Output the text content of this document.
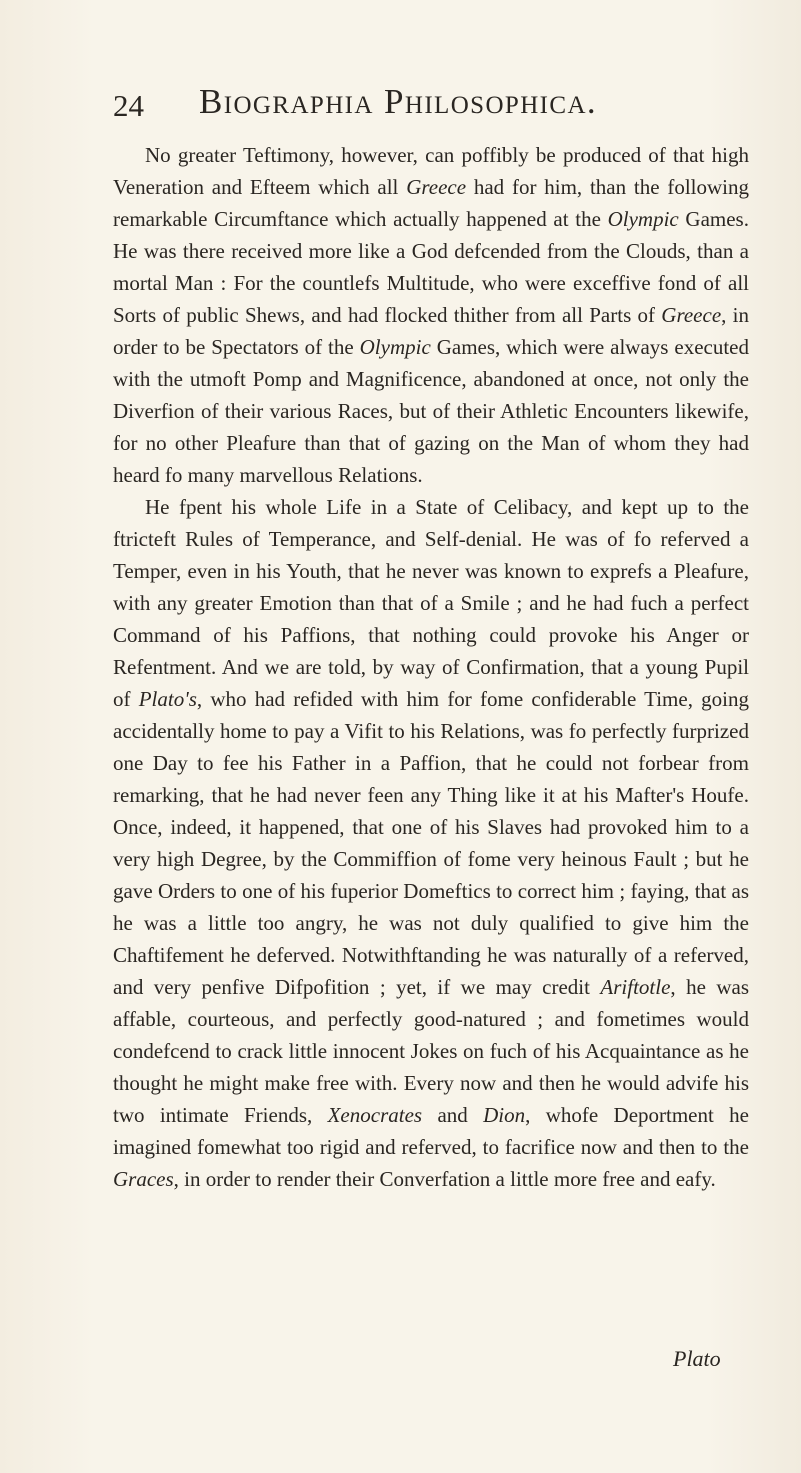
24 Biographia Philosophica.

No greater Teftimony, however, can poffibly be produced of that high Veneration and Efteem which all Greece had for him, than the following remarkable Circumftance which actually happened at the Olympic Games. He was there received more like a God defcended from the Clouds, than a mortal Man : For the countlefs Multitude, who were exceffive fond of all Sorts of public Shews, and had flocked thither from all Parts of Greece, in order to be Spectators of the Olympic Games, which were always executed with the utmoft Pomp and Magnificence, abandoned at once, not only the Diverfion of their various Races, but of their Athletic Encounters likewife, for no other Pleafure than that of gazing on the Man of whom they had heard fo many marvellous Relations.

He fpent his whole Life in a State of Celibacy, and kept up to the ftricteft Rules of Temperance, and Self-denial. He was of fo referved a Temper, even in his Youth, that he never was known to exprefs a Pleafure, with any greater Emotion than that of a Smile ; and he had fuch a perfect Command of his Paffions, that nothing could provoke his Anger or Refentment. And we are told, by way of Confirmation, that a young Pupil of Plato's, who had refided with him for fome confiderable Time, going accidentally home to pay a Vifit to his Relations, was fo perfectly furprized one Day to fee his Father in a Paffion, that he could not forbear from remarking, that he had never feen any Thing like it at his Mafter's Houfe. Once, indeed, it happened, that one of his Slaves had provoked him to a very high Degree, by the Commiffion of fome very heinous Fault ; but he gave Orders to one of his fuperior Domeftics to correct him ; faying, that as he was a little too angry, he was not duly qualified to give him the Chaftifement he deferved. Notwithftanding he was naturally of a referved, and very penfive Difpofition ; yet, if we may credit Ariftotle, he was affable, courteous, and perfectly good-natured ; and fometimes would condefcend to crack little innocent Jokes on fuch of his Acquaintance as he thought he might make free with. Every now and then he would advife his two intimate Friends, Xenocrates and Dion, whofe Deportment he imagined fomewhat too rigid and referved, to facrifice now and then to the Graces, in order to render their Converfation a little more free and eafy.

Plato
